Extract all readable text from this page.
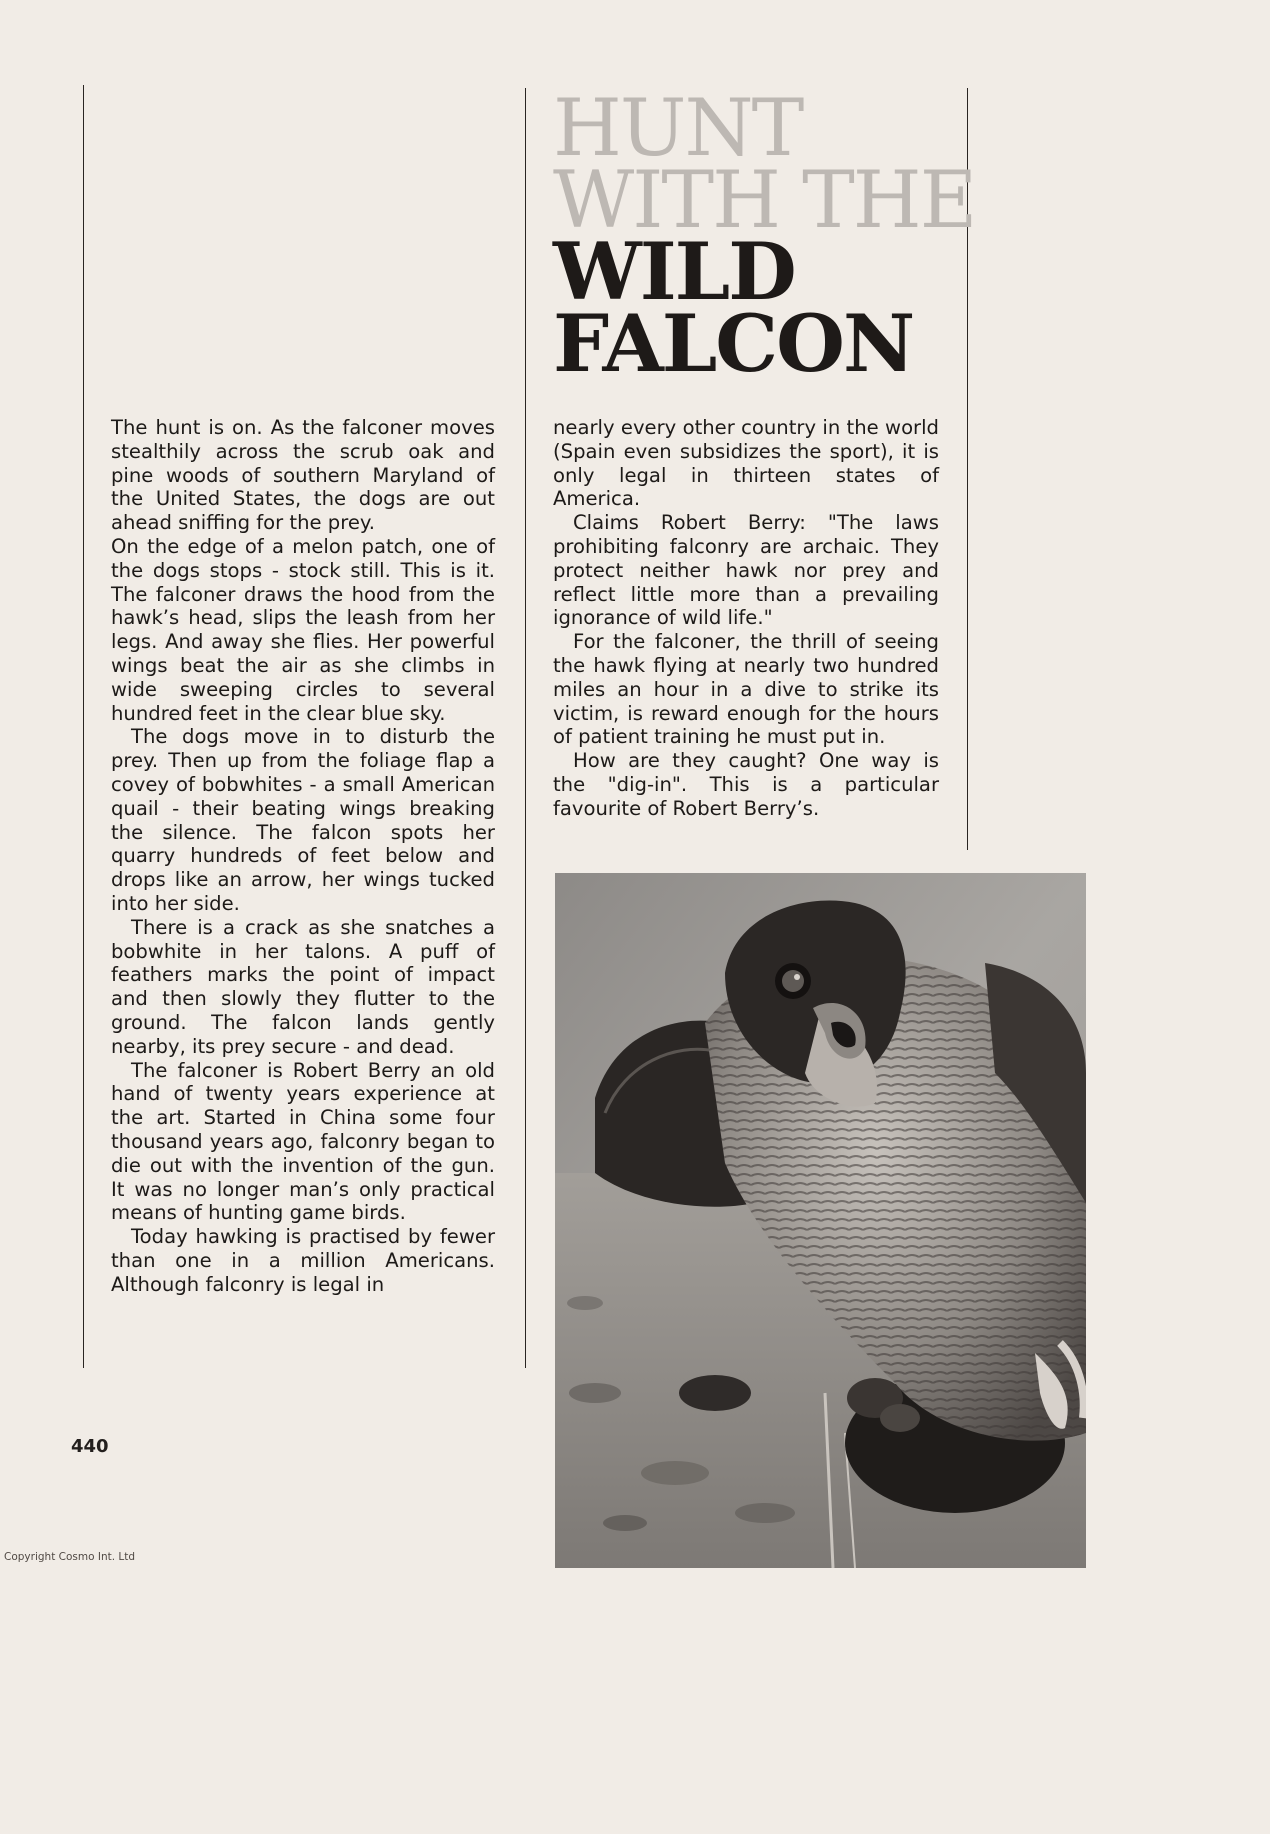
HUNT
WITH THE
WILD
FALCON

The hunt is on. As the falconer moves stealthily across the scrub oak and pine woods of southern Maryland of the United States, the dogs are out ahead sniffing for the prey.

On the edge of a melon patch, one of the dogs stops - stock still. This is it. The falconer draws the hood from the hawk’s head, slips the leash from her legs. And away she flies. Her powerful wings beat the air as she climbs in wide sweeping circles to several hundred feet in the clear blue sky.

The dogs move in to disturb the prey. Then up from the foliage flap a covey of bobwhites - a small American quail - their beating wings breaking the silence. The falcon spots her quarry hundreds of feet below and drops like an arrow, her wings tucked into her side.

There is a crack as she snatches a bobwhite in her talons. A puff of feathers marks the point of impact and then slowly they flutter to the ground. The falcon lands gently nearby, its prey secure - and dead.

The falconer is Robert Berry an old hand of twenty years experience at the art. Started in China some four thousand years ago, falconry began to die out with the invention of the gun. It was no longer man’s only practical means of hunting game birds.

Today hawking is practised by fewer than one in a million Americans. Although falconry is legal in

nearly every other country in the world (Spain even subsidizes the sport), it is only legal in thirteen states of America.

Claims Robert Berry: "The laws prohibiting falconry are archaic. They protect neither hawk nor prey and reflect little more than a prevailing ignorance of wild life."

For the falconer, the thrill of seeing the hawk flying at nearly two hundred miles an hour in a dive to strike its victim, is reward enough for the hours of patient training he must put in.

How are they caught? One way is the "dig-in". This is a particular favourite of Robert Berry’s.

440
Copyright Cosmo Int. Ltd
